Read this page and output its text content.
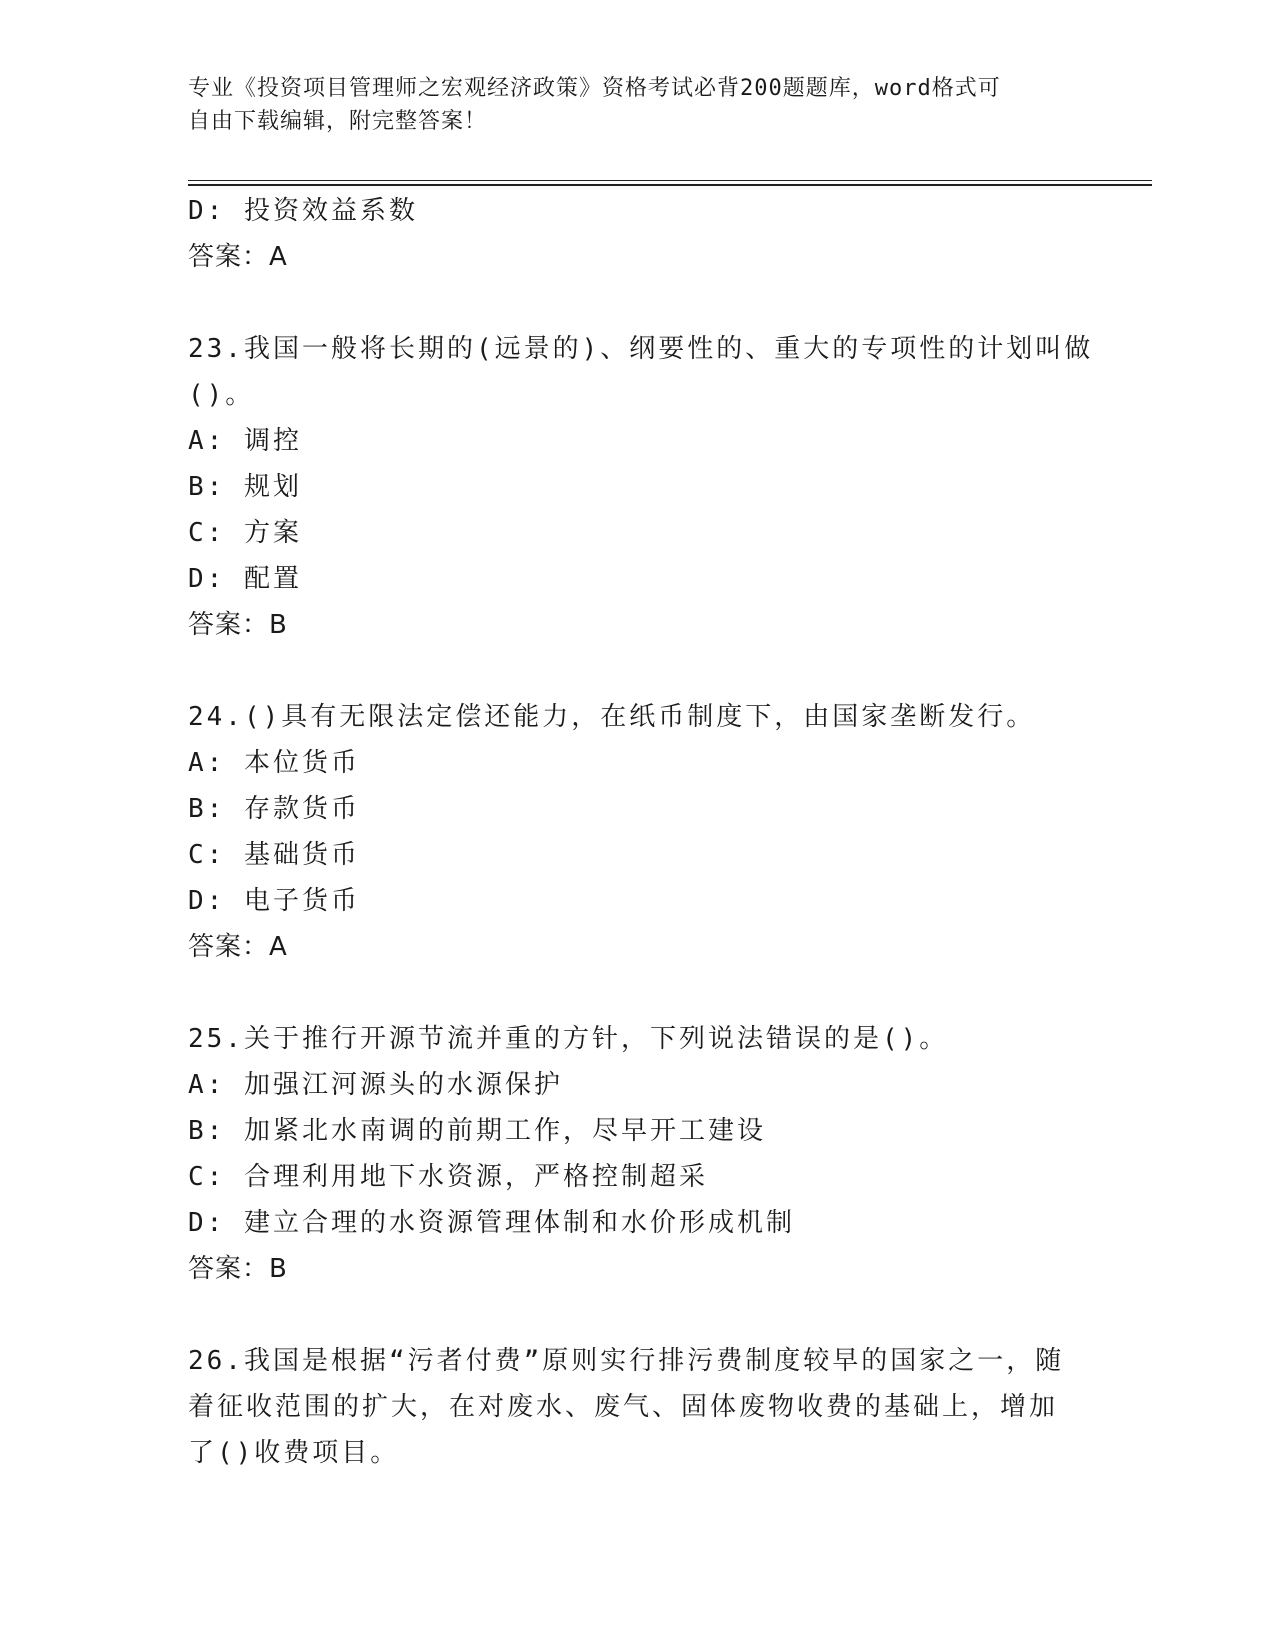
专业《投资项目管理师之宏观经济政策》资格考试必背200题题库，word格式可
自由下载编辑，附完整答案！
D: 投资效益系数
答案：A
23.我国一般将长期的(远景的)、纲要性的、重大的专项性的计划叫做
()。
A: 调控
B: 规划
C: 方案
D: 配置
答案：B
24.()具有无限法定偿还能力，在纸币制度下，由国家垄断发行。
A: 本位货币
B: 存款货币
C: 基础货币
D: 电子货币
答案：A
25.关于推行开源节流并重的方针，下列说法错误的是()。
A: 加强江河源头的水源保护
B: 加紧北水南调的前期工作，尽早开工建设
C: 合理利用地下水资源，严格控制超采
D: 建立合理的水资源管理体制和水价形成机制
答案：B
26.我国是根据“污者付费”原则实行排污费制度较早的国家之一，随
着征收范围的扩大，在对废水、废气、固体废物收费的基础上，增加
了()收费项目。
